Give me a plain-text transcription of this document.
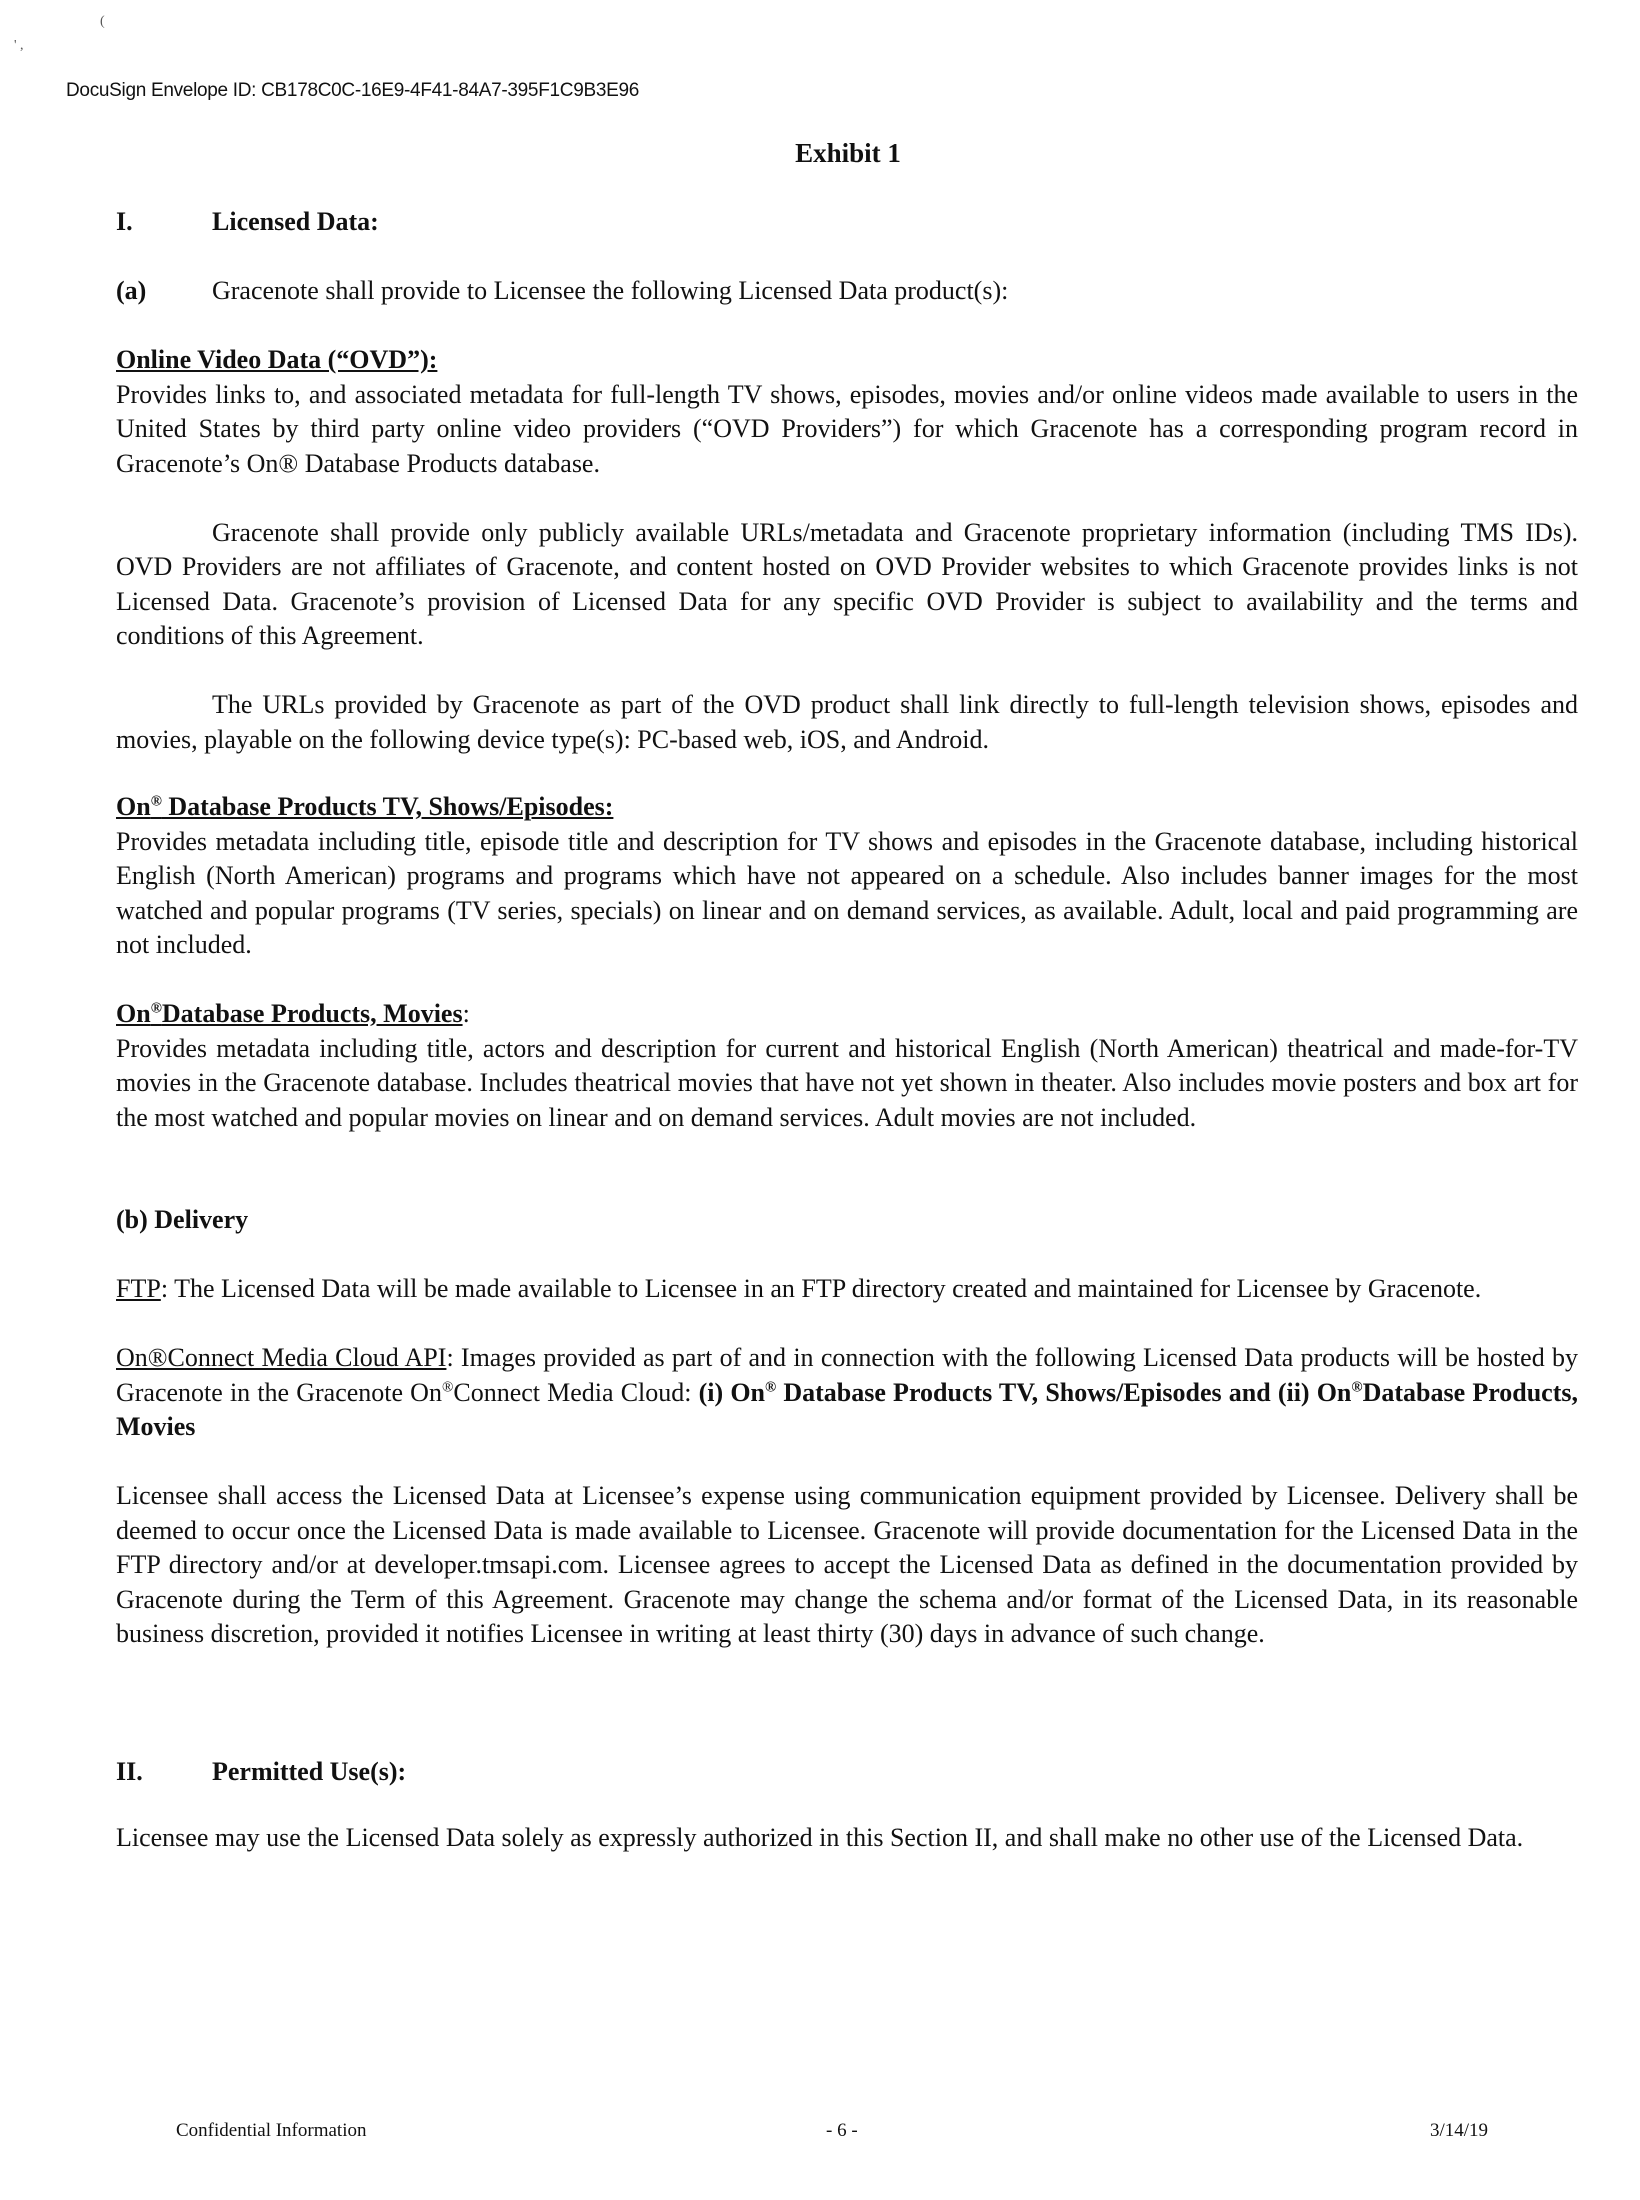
(
' ,
DocuSign Envelope ID: CB178C0C-16E9-4F41-84A7-395F1C9B3E96
Exhibit 1
I.	Licensed Data:
(a)	Gracenote shall provide to Licensee the following Licensed Data product(s):

Online Video Data (“OVD”):

Provides links to, and associated metadata for full-length TV shows, episodes, movies and/or online videos made available to users in the United States by third party online video providers (“OVD Providers”) for which Gracenote has a corresponding program record in Gracenote’s On® Database Products database.

Gracenote shall provide only publicly available URLs/metadata and Gracenote proprietary information (including TMS IDs). OVD Providers are not affiliates of Gracenote, and content hosted on OVD Provider websites to which Gracenote provides links is not Licensed Data. Gracenote’s provision of Licensed Data for any specific OVD Provider is subject to availability and the terms and conditions of this Agreement.

The URLs provided by Gracenote as part of the OVD product shall link directly to full-length television shows, episodes and movies, playable on the following device type(s): PC-based web, iOS, and Android.

On® Database Products TV, Shows/Episodes:

Provides metadata including title, episode title and description for TV shows and episodes in the Gracenote database, including historical English (North American) programs and programs which have not appeared on a schedule. Also includes banner images for the most watched and popular programs (TV series, specials) on linear and on demand services, as available. Adult, local and paid programming are not included.

On®Database Products, Movies:

Provides metadata including title, actors and description for current and historical English (North American) theatrical and made-for-TV movies in the Gracenote database. Includes theatrical movies that have not yet shown in theater. Also includes movie posters and box art for the most watched and popular movies on linear and on demand services. Adult movies are not included.

(b) Delivery

FTP: The Licensed Data will be made available to Licensee in an FTP directory created and maintained for Licensee by Gracenote.

On®Connect Media Cloud API: Images provided as part of and in connection with the following Licensed Data products will be hosted by Gracenote in the Gracenote On®Connect Media Cloud: (i) On® Database Products TV, Shows/Episodes and (ii) On®Database Products, Movies

Licensee shall access the Licensed Data at Licensee’s expense using communication equipment provided by Licensee. Delivery shall be deemed to occur once the Licensed Data is made available to Licensee. Gracenote will provide documentation for the Licensed Data in the FTP directory and/or at developer.tmsapi.com. Licensee agrees to accept the Licensed Data as defined in the documentation provided by Gracenote during the Term of this Agreement. Gracenote may change the schema and/or format of the Licensed Data, in its reasonable business discretion, provided it notifies Licensee in writing at least thirty (30) days in advance of such change.

II.	Permitted Use(s):
Licensee may use the Licensed Data solely as expressly authorized in this Section II, and shall make no other use of the Licensed Data.
Confidential Information	- 6 -	3/14/19
